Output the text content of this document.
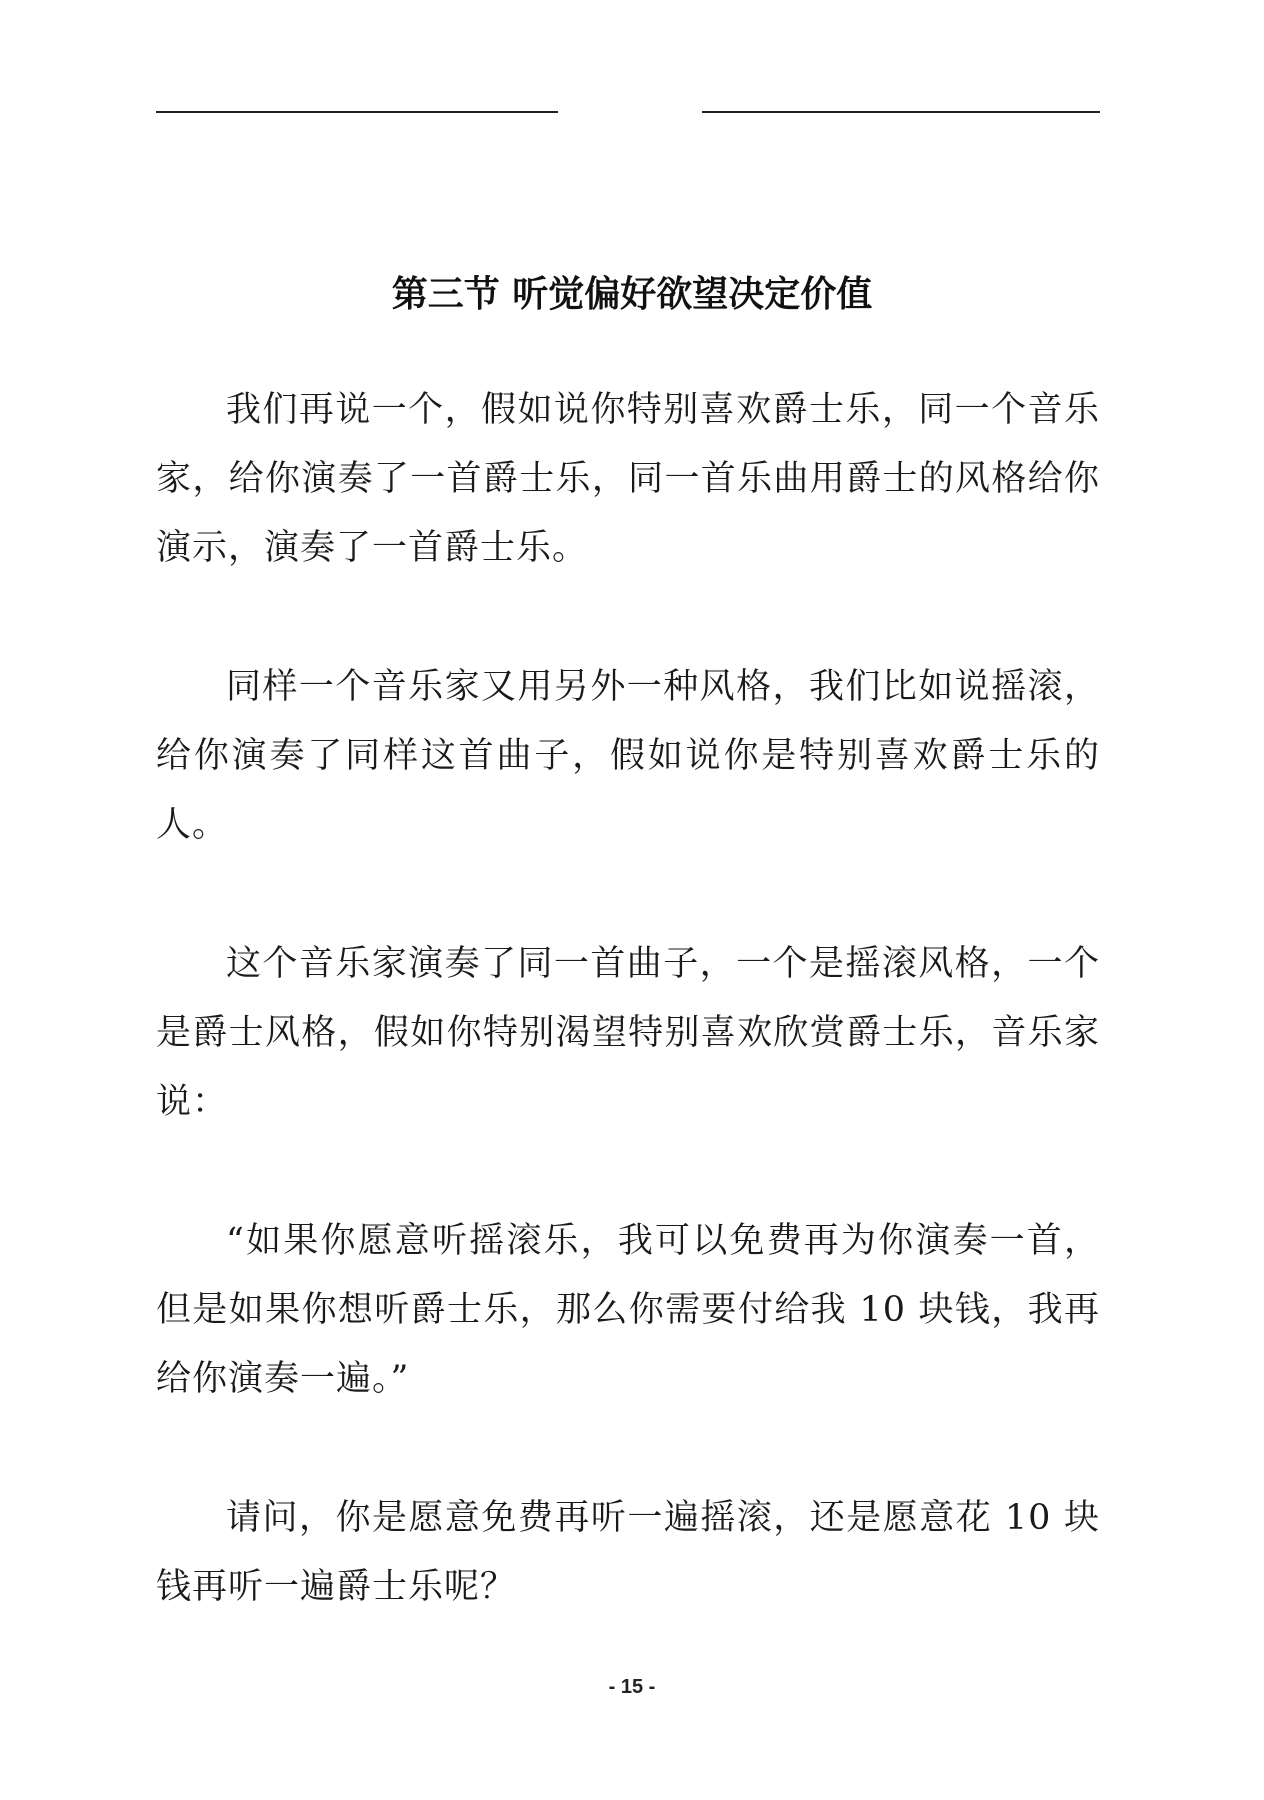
第三节 听觉偏好欲望决定价值

我们再说一个，假如说你特别喜欢爵士乐，同一个音乐家，给你演奏了一首爵士乐，同一首乐曲用爵士的风格给你演示，演奏了一首爵士乐。

同样一个音乐家又用另外一种风格，我们比如说摇滚，给你演奏了同样这首曲子，假如说你是特别喜欢爵士乐的人。

这个音乐家演奏了同一首曲子，一个是摇滚风格，一个是爵士风格，假如你特别渴望特别喜欢欣赏爵士乐，音乐家说：

“如果你愿意听摇滚乐，我可以免费再为你演奏一首，但是如果你想听爵士乐，那么你需要付给我 10 块钱，我再给你演奏一遍。”

请问，你是愿意免费再听一遍摇滚，还是愿意花 10 块钱再听一遍爵士乐呢？

- 15 -
